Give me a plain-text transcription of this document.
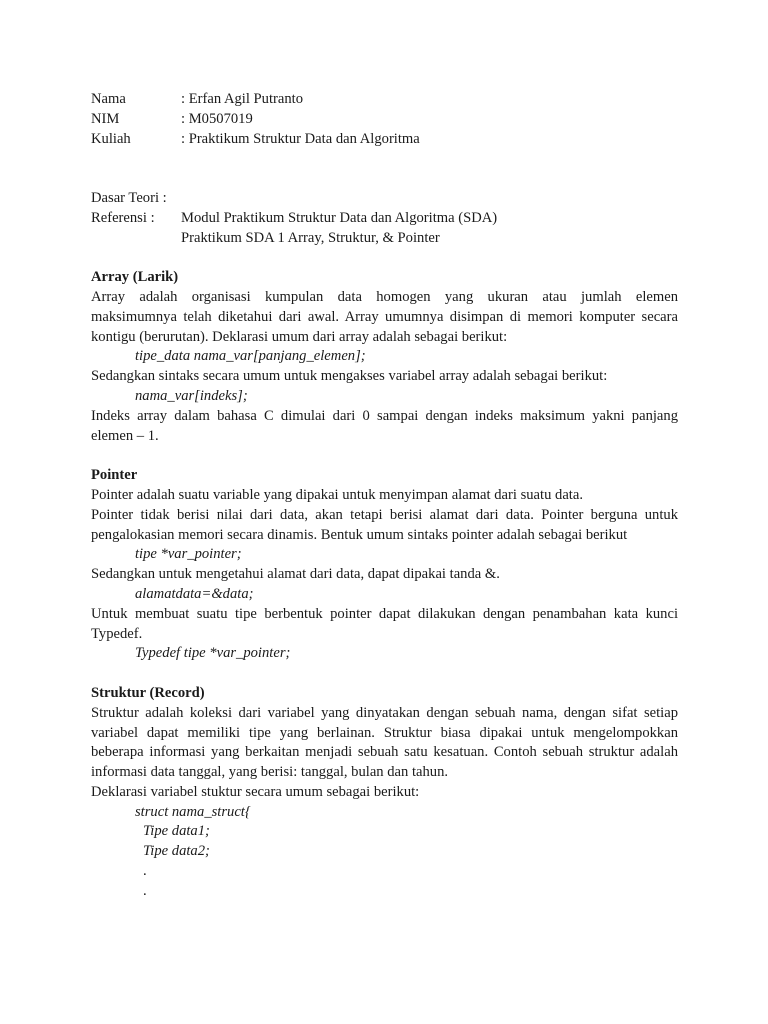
Nama	: Erfan Agil Putranto
NIM	: M0507019
Kuliah	: Praktikum Struktur Data dan Algoritma
Dasar Teori :
Referensi :	Modul Praktikum Struktur Data dan Algoritma (SDA)
Praktikum SDA 1 Array, Struktur, & Pointer
Array (Larik)
Array adalah organisasi kumpulan data homogen yang ukuran atau jumlah elemen
maksimumnya telah diketahui dari awal. Array umumnya disimpan di memori komputer secara
kontigu (berurutan). Deklarasi umum dari array adalah sebagai berikut:
tipe_data nama_var[panjang_elemen];
Sedangkan sintaks secara umum untuk mengakses variabel array adalah sebagai berikut:
nama_var[indeks];
Indeks array dalam bahasa C dimulai dari 0 sampai dengan indeks maksimum yakni panjang
elemen – 1.
Pointer
Pointer adalah suatu variable yang dipakai untuk menyimpan alamat dari suatu data.
Pointer tidak berisi nilai dari data, akan tetapi berisi alamat dari data. Pointer berguna untuk
pengalokasian memori secara dinamis. Bentuk umum sintaks pointer adalah sebagai berikut
tipe *var_pointer;
Sedangkan untuk mengetahui alamat dari data, dapat dipakai tanda &.
alamatdata=&data;
Untuk membuat suatu tipe berbentuk pointer dapat dilakukan dengan penambahan kata kunci
Typedef.
Typedef tipe *var_pointer;
Struktur (Record)
Struktur adalah koleksi dari variabel yang dinyatakan dengan sebuah nama, dengan sifat setiap
variabel dapat memiliki tipe yang berlainan. Struktur biasa dipakai untuk mengelompokkan
beberapa informasi yang berkaitan menjadi sebuah satu kesatuan. Contoh sebuah struktur adalah
informasi data tanggal, yang berisi: tanggal, bulan dan tahun.
Deklarasi variabel stuktur secara umum sebagai berikut:
struct nama_struct{
Tipe data1;
Tipe data2;
.
.
